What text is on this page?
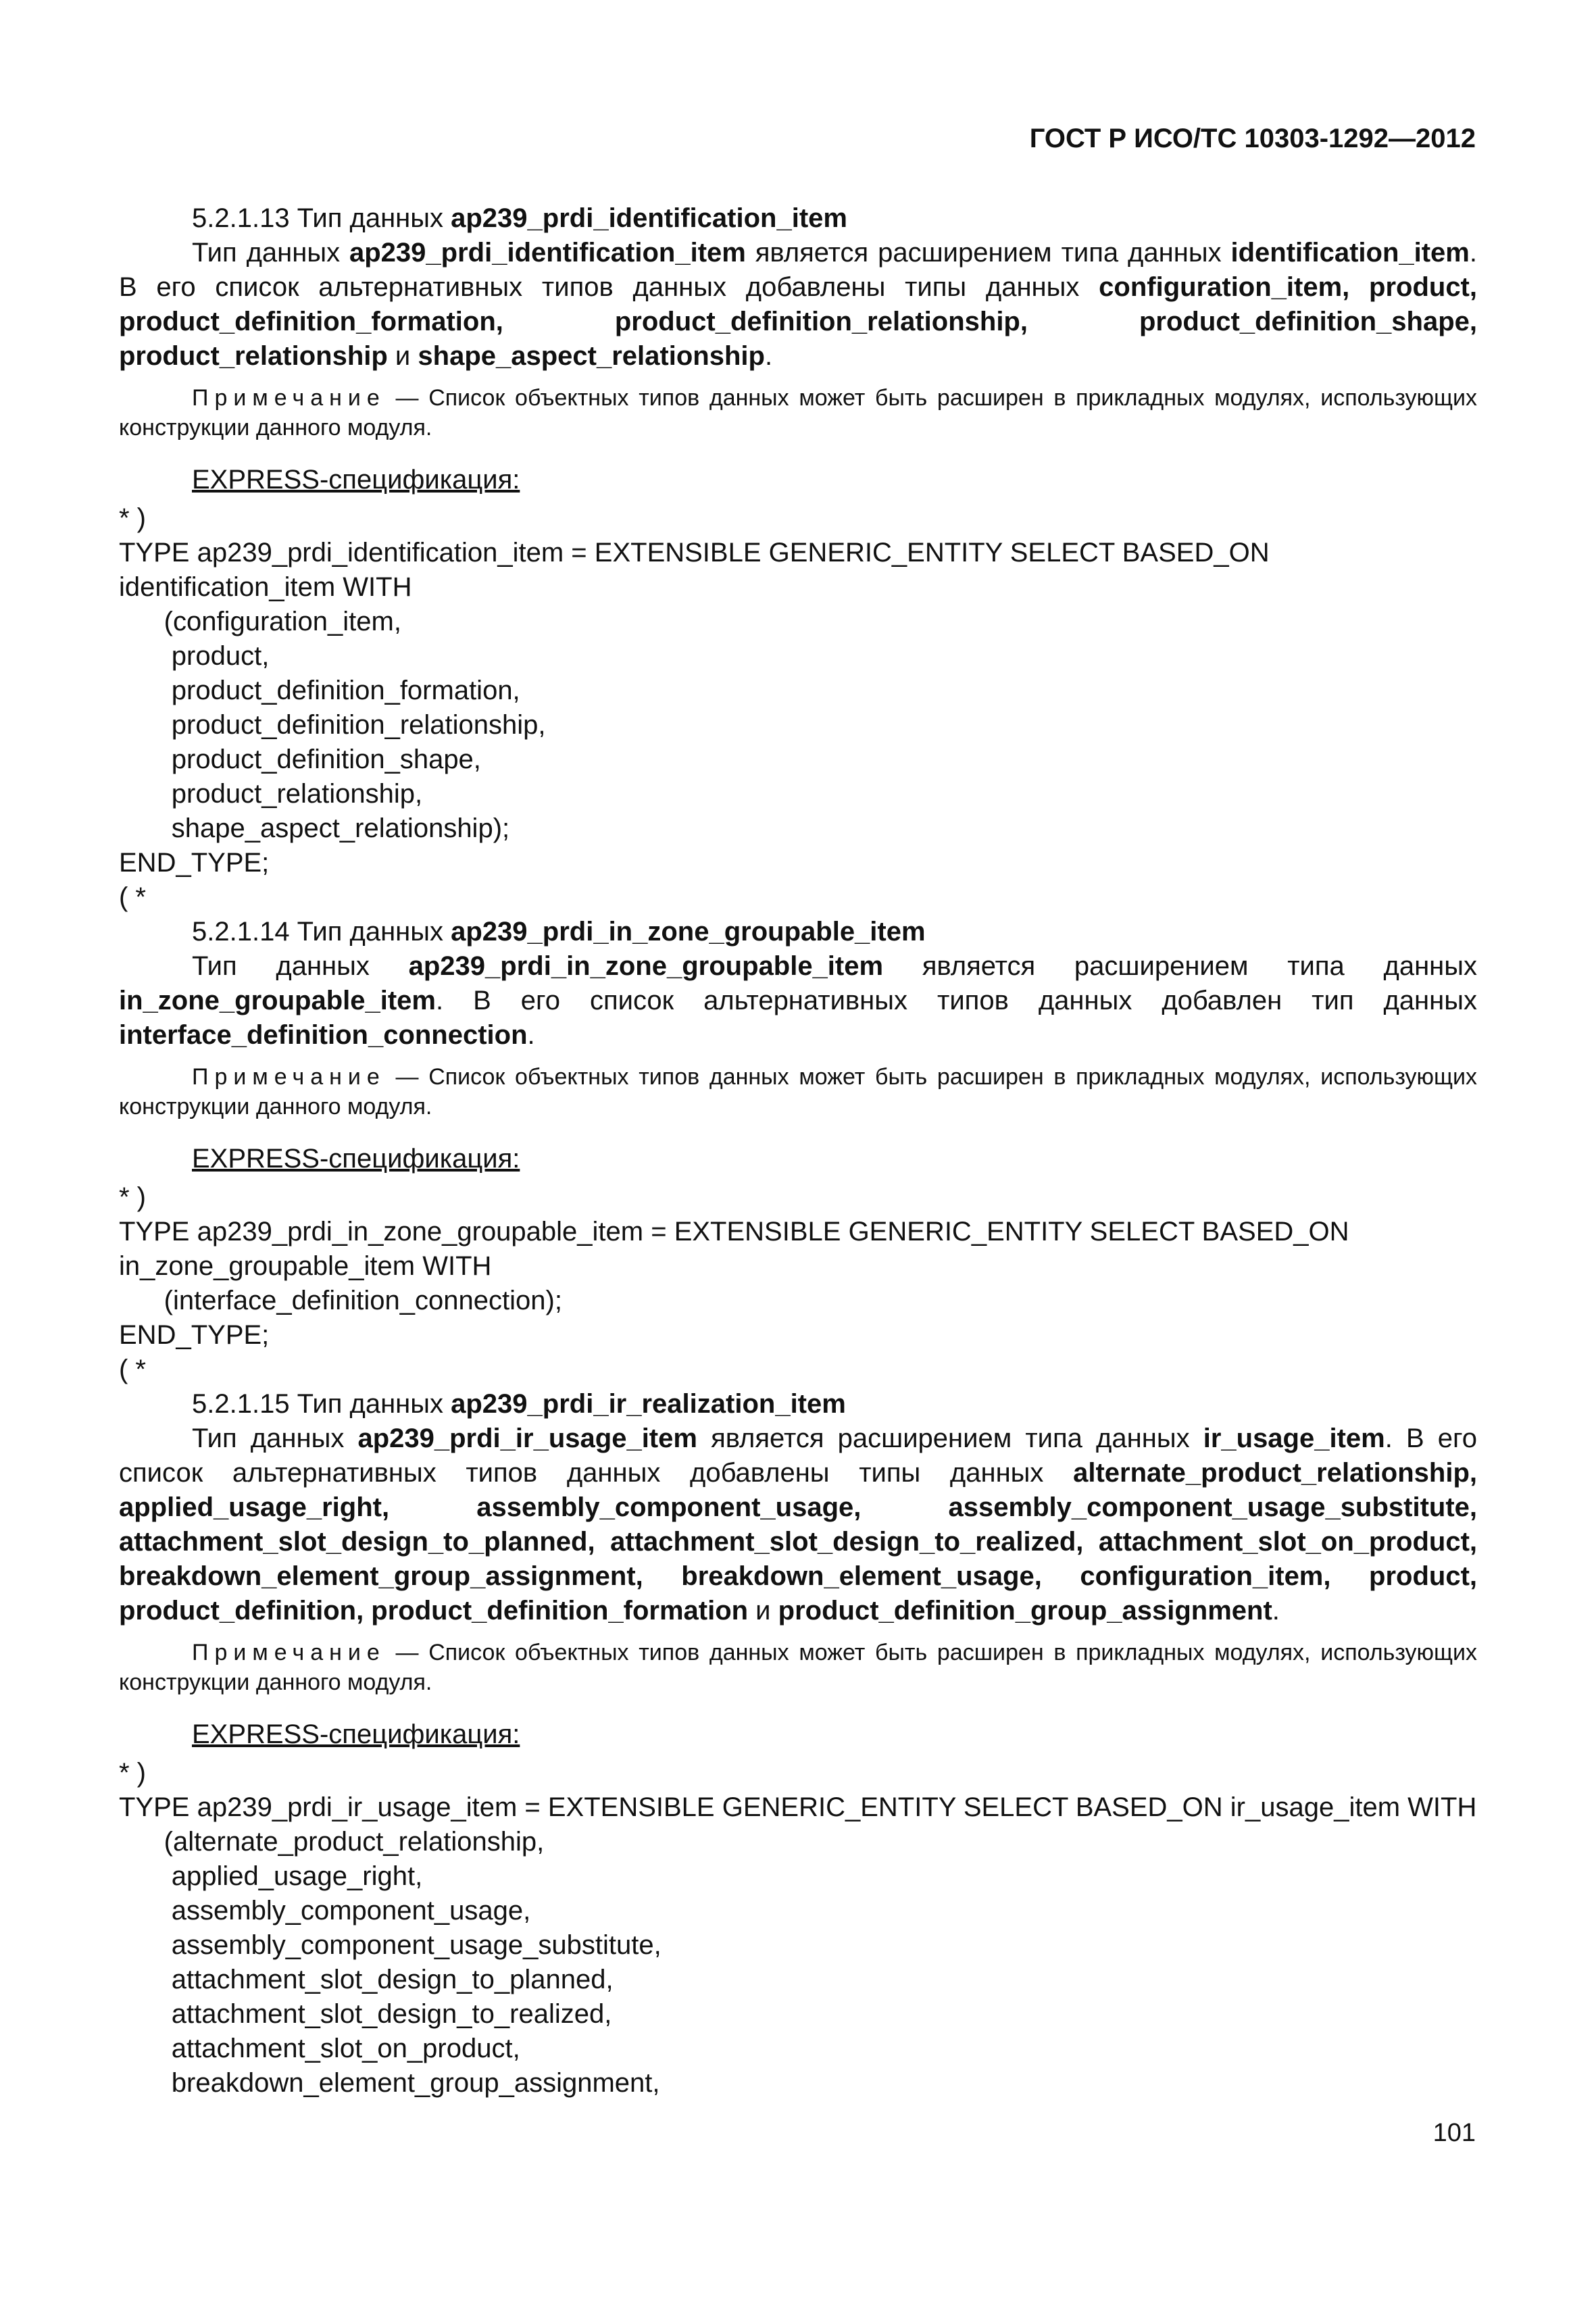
ГОСТ Р ИСО/ТС 10303-1292—2012
5.2.1.13 Тип данных ap239_prdi_identification_item
Тип данных ap239_prdi_identification_item является расширением типа данных identification_item. В его список альтернативных типов данных добавлены типы данных configuration_item, product, product_definition_formation, product_definition_relationship, product_definition_shape, product_relationship и shape_aspect_relationship.
Примечание — Список объектных типов данных может быть расширен в прикладных модулях, использующих конструкции данного модуля.
EXPRESS-спецификация:
* )
TYPE ap239_prdi_identification_item = EXTENSIBLE GENERIC_ENTITY SELECT BASED_ON
identification_item WITH
(configuration_item,
product,
product_definition_formation,
product_definition_relationship,
product_definition_shape,
product_relationship,
shape_aspect_relationship);
END_TYPE;
( *
5.2.1.14 Тип данных ap239_prdi_in_zone_groupable_item
Тип данных ap239_prdi_in_zone_groupable_item является расширением типа данных in_zone_groupable_item. В его список альтернативных типов данных добавлен тип данных interface_definition_connection.
Примечание — Список объектных типов данных может быть расширен в прикладных модулях, использующих конструкции данного модуля.
EXPRESS-спецификация:
* )
TYPE ap239_prdi_in_zone_groupable_item = EXTENSIBLE GENERIC_ENTITY SELECT BASED_ON
in_zone_groupable_item WITH
(interface_definition_connection);
END_TYPE;
( *
5.2.1.15 Тип данных ap239_prdi_ir_realization_item
Тип данных ap239_prdi_ir_usage_item является расширением типа данных ir_usage_item. В его список альтернативных типов данных добавлены типы данных alternate_product_relationship, applied_usage_right, assembly_component_usage, assembly_component_usage_substitute, attachment_slot_design_to_planned, attachment_slot_design_to_realized, attachment_slot_on_product, breakdown_element_group_assignment, breakdown_element_usage, configuration_item, product, product_definition, product_definition_formation и product_definition_group_assignment.
Примечание — Список объектных типов данных может быть расширен в прикладных модулях, использующих конструкции данного модуля.
EXPRESS-спецификация:
* )
TYPE ap239_prdi_ir_usage_item = EXTENSIBLE GENERIC_ENTITY SELECT BASED_ON ir_usage_item WITH
(alternate_product_relationship,
applied_usage_right,
assembly_component_usage,
assembly_component_usage_substitute,
attachment_slot_design_to_planned,
attachment_slot_design_to_realized,
attachment_slot_on_product,
breakdown_element_group_assignment,
101
